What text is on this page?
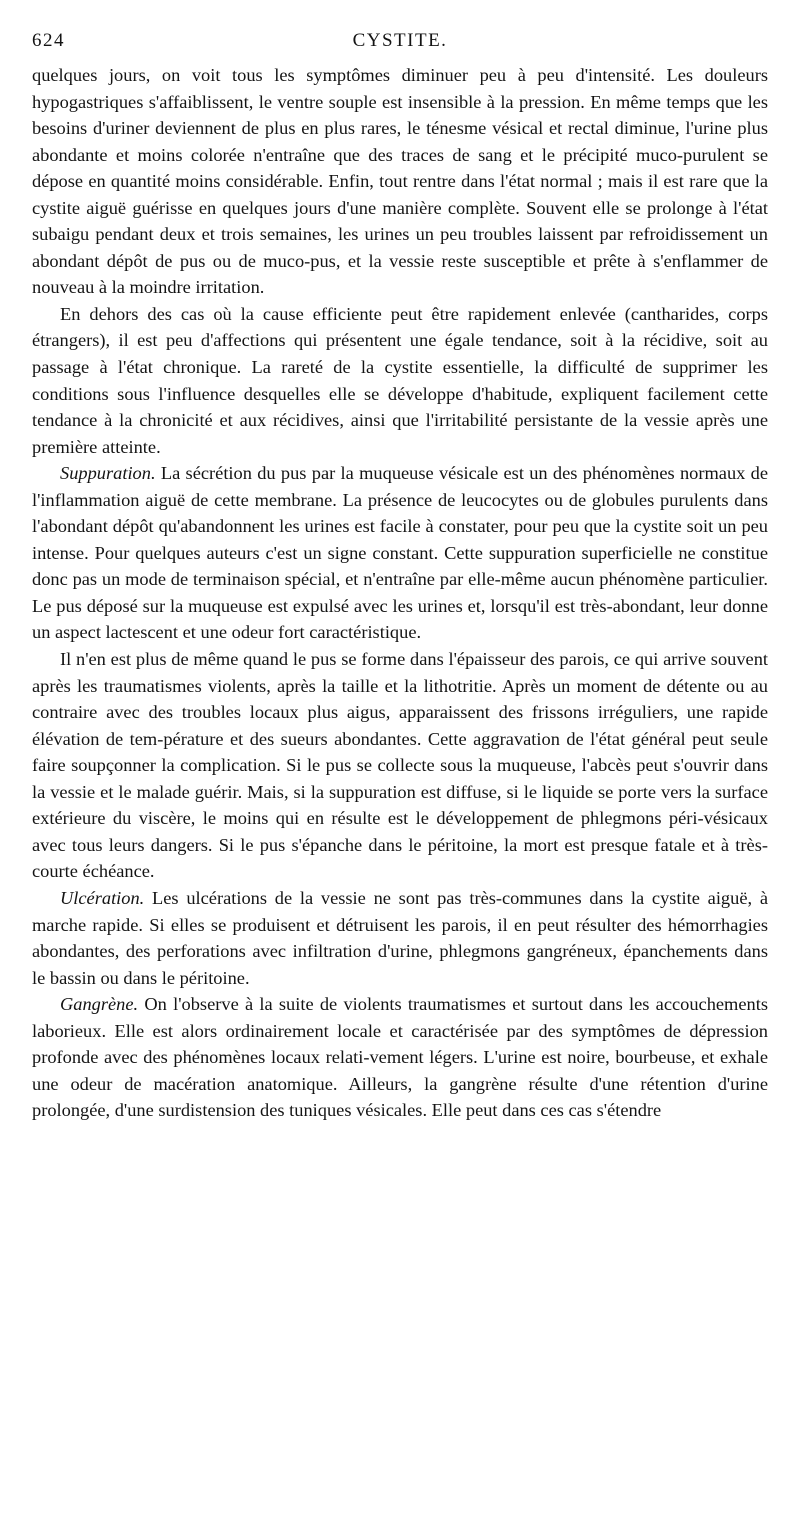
624	CYSTITE.

quelques jours, on voit tous les symptômes diminuer peu à peu d'intensité. Les douleurs hypogastriques s'affaiblissent, le ventre souple est insensible à la pression. En même temps que les besoins d'uriner deviennent de plus en plus rares, le ténesme vésical et rectal diminue, l'urine plus abondante et moins colorée n'entraîne que des traces de sang et le précipité muco-purulent se dépose en quantité moins considérable. Enfin, tout rentre dans l'état normal ; mais il est rare que la cystite aiguë guérisse en quelques jours d'une manière complète. Souvent elle se prolonge à l'état subaigu pendant deux et trois semaines, les urines un peu troubles laissent par refroidissement un abondant dépôt de pus ou de muco-pus, et la vessie reste susceptible et prête à s'enflammer de nouveau à la moindre irritation.

En dehors des cas où la cause efficiente peut être rapidement enlevée (cantharides, corps étrangers), il est peu d'affections qui présentent une égale tendance, soit à la récidive, soit au passage à l'état chronique. La rareté de la cystite essentielle, la difficulté de supprimer les conditions sous l'influence desquelles elle se développe d'habitude, expliquent facilement cette tendance à la chronicité et aux récidives, ainsi que l'irritabilité persistante de la vessie après une première atteinte.

Suppuration. La sécrétion du pus par la muqueuse vésicale est un des phénomènes normaux de l'inflammation aiguë de cette membrane. La présence de leucocytes ou de globules purulents dans l'abondant dépôt qu'abandonnent les urines est facile à constater, pour peu que la cystite soit un peu intense. Pour quelques auteurs c'est un signe constant. Cette suppuration superficielle ne constitue donc pas un mode de terminaison spécial, et n'entraîne par elle-même aucun phénomène particulier. Le pus déposé sur la muqueuse est expulsé avec les urines et, lorsqu'il est très-abondant, leur donne un aspect lactescent et une odeur fort caractéristique.

Il n'en est plus de même quand le pus se forme dans l'épaisseur des parois, ce qui arrive souvent après les traumatismes violents, après la taille et la lithotritie. Après un moment de détente ou au contraire avec des troubles locaux plus aigus, apparaissent des frissons irréguliers, une rapide élévation de tem-pérature et des sueurs abondantes. Cette aggravation de l'état général peut seule faire soupçonner la complication. Si le pus se collecte sous la muqueuse, l'abcès peut s'ouvrir dans la vessie et le malade guérir. Mais, si la suppuration est diffuse, si le liquide se porte vers la surface extérieure du viscère, le moins qui en résulte est le développement de phlegmons péri-vésicaux avec tous leurs dangers. Si le pus s'épanche dans le péritoine, la mort est presque fatale et à très-courte échéance.

Ulcération. Les ulcérations de la vessie ne sont pas très-communes dans la cystite aiguë, à marche rapide. Si elles se produisent et détruisent les parois, il en peut résulter des hémorrhagies abondantes, des perforations avec infiltration d'urine, phlegmons gangréneux, épanchements dans le bassin ou dans le péritoine.

Gangrène. On l'observe à la suite de violents traumatismes et surtout dans les accouchements laborieux. Elle est alors ordinairement locale et caractérisée par des symptômes de dépression profonde avec des phénomènes locaux relati-vement légers. L'urine est noire, bourbeuse, et exhale une odeur de macération anatomique. Ailleurs, la gangrène résulte d'une rétention d'urine prolongée, d'une surdistension des tuniques vésicales. Elle peut dans ces cas s'étendre
